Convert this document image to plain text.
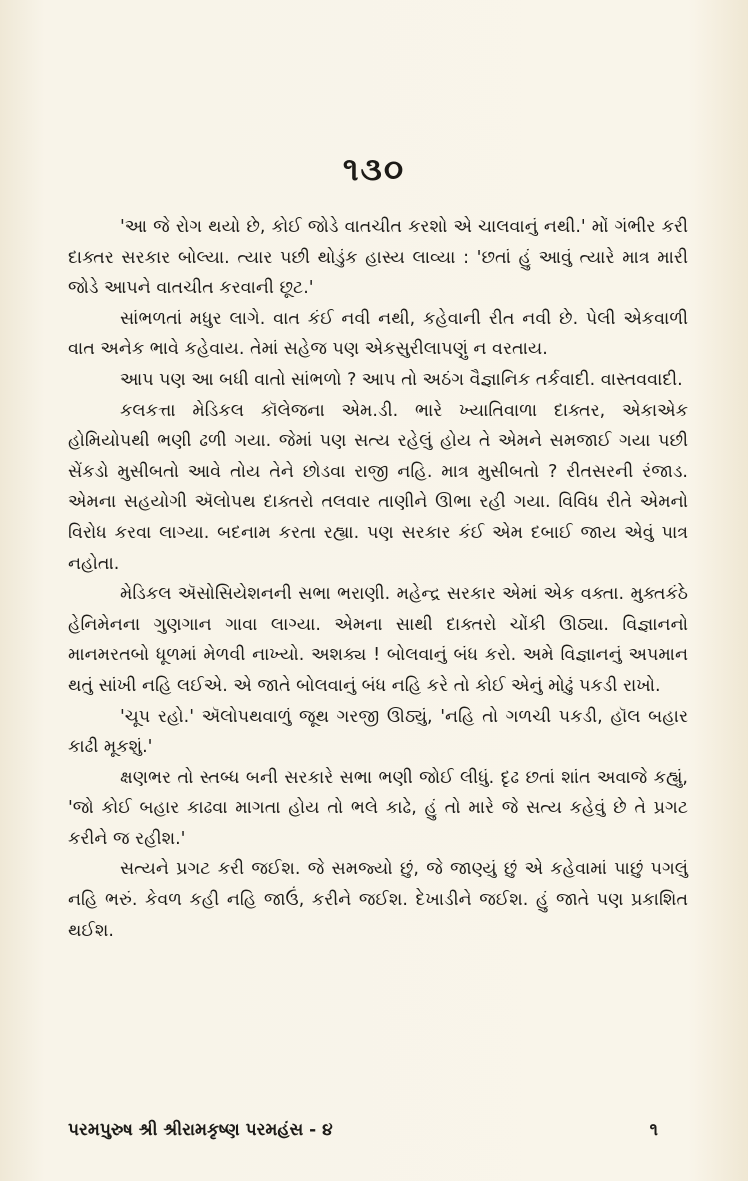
૧૩૦

'આ જે રોગ થયો છે, કોઈ જોડે વાતચીત કરશો એ ચાલવાનું નથી.' મોં ગંભીર કરી દાક્તર સરકાર બોલ્યા. ત્યાર પછી થોડુંક હાસ્ય લાવ્યા : 'છતાં હું આવું ત્યારે માત્ર મારી જોડે આપને વાતચીત કરવાની છૂટ.'

સાંભળતાં મધુર લાગે. વાત કંઈ નવી નથી, કહેવાની રીત નવી છે. પેલી એકવાળી વાત અનેક ભાવે કહેવાય. તેમાં સહેજ પણ એકસુરીલાપણું ન વરતાય.

આપ પણ આ બધી વાતો સાંભળો ? આપ તો અઠંગ વૈજ્ઞાનિક તર્કવાદી. વાસ્તવવાદી.

કલકત્તા મેડિકલ કૉલેજના એમ.ડી. ભારે ખ્યાતિવાળા દાક્તર, એકાએક હોમિયોપથી ભણી ઢળી ગયા. જેમાં પણ સત્ય રહેલું હોય તે એમને સમજાઈ ગયા પછી સેંકડો મુસીબતો આવે તોય તેને છોડવા રાજી નહિ. માત્ર મુસીબતો ? રીતસરની રંજાડ. એમના સહયોગી ઍલોપથ દાક્તરો તલવાર તાણીને ઊભા રહી ગયા. વિવિધ રીતે એમનો વિરોધ કરવા લાગ્યા. બદનામ કરતા રહ્યા. પણ સરકાર કંઈ એમ દબાઈ જાય એવું પાત્ર નહોતા.

મેડિકલ ઍસોસિયેશનની સભા ભરાણી. મહેન્દ્ર સરકાર એમાં એક વક્તા. મુક્તકંઠે હેનિમેનના ગુણગાન ગાવા લાગ્યા. એમના સાથી દાક્તરો ચોંકી ઊઠ્યા. વિજ્ઞાનનો માનમરતબો ધૂળમાં મેળવી નાખ્યો. અશક્ય ! બોલવાનું બંધ કરો. અમે વિજ્ઞાનનું અપમાન થતું સાંખી નહિ લઈએ. એ જાતે બોલવાનું બંધ નહિ કરે તો કોઈ એનું મોઢું પકડી રાખો.

'ચૂપ રહો.' ઍલોપથવાળું જૂથ ગરજી ઊઠ્યું, 'નહિ તો ગળચી પકડી, હૉલ બહાર કાઢી મૂકશું.'

ક્ષણભર તો સ્તબ્ધ બની સરકારે સભા ભણી જોઈ લીધું. દૃઢ છતાં શાંત અવાજે કહ્યું, 'જો કોઈ બહાર કાઢવા માગતા હોય તો ભલે કાઢે, હું તો મારે જે સત્ય કહેવું છે તે પ્રગટ કરીને જ રહીશ.'

સત્યને પ્રગટ કરી જઈશ. જે સમજ્યો છું, જે જાણ્યું છું એ કહેવામાં પાછું પગલું નહિ ભરું. કેવળ કહી નહિ જાઉં, કરીને જઈશ. દેખાડીને જઈશ. હું જાતે પણ પ્રકાશિત થઈશ.

પરમપુરુષ શ્રી શ્રીરામકૃષ્ણ પરમહંસ - ૪	૧
